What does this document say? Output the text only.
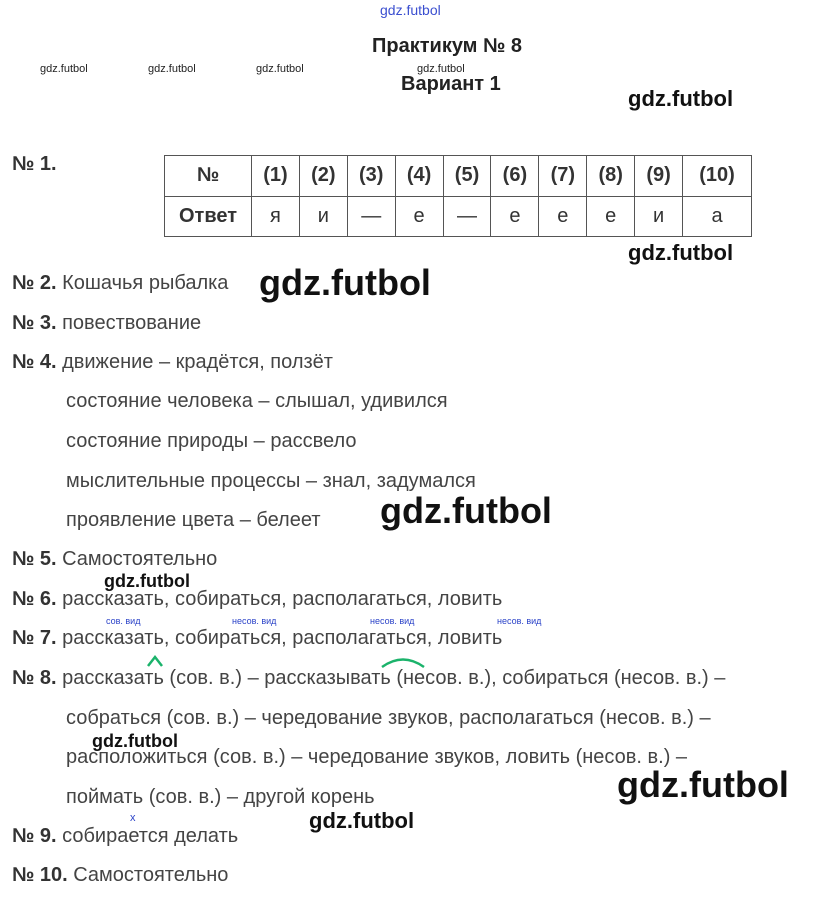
gdz.futbol
gdz.futbol	gdz.futbol	gdz.futbol	gdz.futbol
Практикум № 8
Вариант 1
gdz.futbol
№ 1.
№	(1)	(2)	(3)	(4)	(5)	(6)	(7)	(8)	(9)	(10)
Ответ	я	и	—	е	—	е	е	е	и	а
gdz.futbol
№ 2. Кошачья рыбалка gdz.futbol
№ 3. повествование
№ 4. движение – крадётся, ползёт
состояние человека – слышал, удивился
состояние природы – рассвело
мыслительные процессы – знал, задумался
проявление цвета – белеет gdz.futbol
№ 5. Самостоятельно
gdz.futbol
№ 6. рассказать, собираться, располагаться, ловить
сов. вид	несов. вид	несов. вид	несов. вид
№ 7. рассказать, собираться, располагаться, ловить
№ 8. рассказать (сов. в.) – рассказывать (несов. в.), собираться (несов. в.) –
собраться (сов. в.) – чередование звуков, располагаться (несов. в.) –
gdz.futbol
расположиться (сов. в.) – чередование звуков, ловить (несов. в.) –
поймать (сов. в.) – другой корень	gdz.futbol
x
№ 9. собирается делать
gdz.futbol
№ 10. Самостоятельно
